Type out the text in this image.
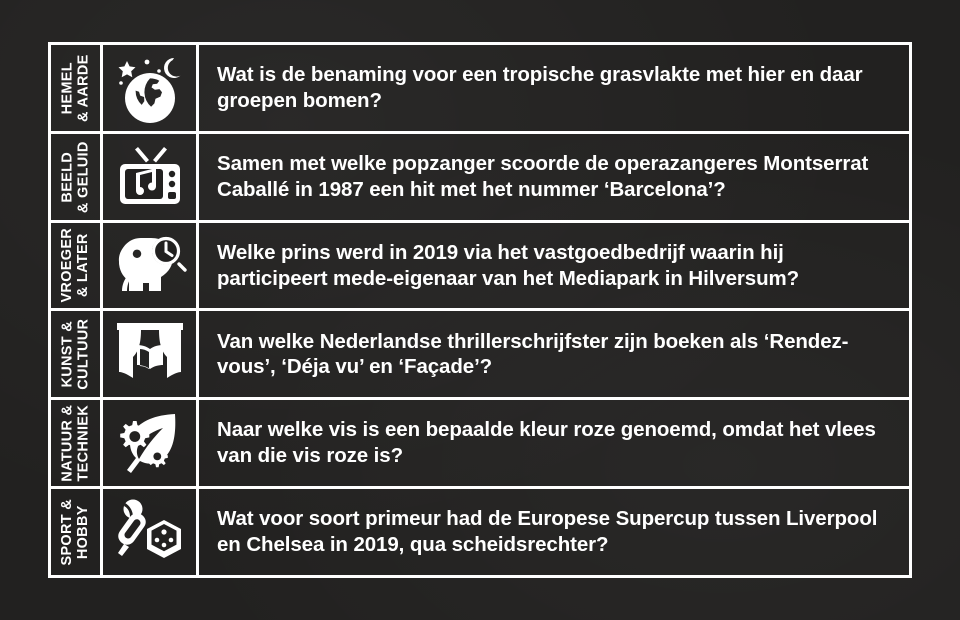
HEMEL & AARDE	Wat is de benaming voor een tropische grasvlakte met hier en daar groepen bomen?
BEELD & GELUID	Samen met welke popzanger scoorde de operazangeres Montserrat Caballé in 1987 een hit met het nummer ‘Barcelona’?
VROEGER & LATER	Welke prins werd in 2019 via het vastgoedbedrijf waarin hij participeert mede-eigenaar van het Mediapark in Hilversum?
KUNST & CULTUUR	Van welke Nederlandse thrillerschrijfster zijn boeken als ‘Rendez-vous’, ‘Déja vu’ en ‘Façade’?
NATUUR & TECHNIEK	Naar welke vis is een bepaalde kleur roze genoemd, omdat het vlees van die vis roze is?
SPORT & HOBBY	Wat voor soort primeur had de Europese Supercup tussen Liverpool en Chelsea in 2019, qua scheidsrechter?
